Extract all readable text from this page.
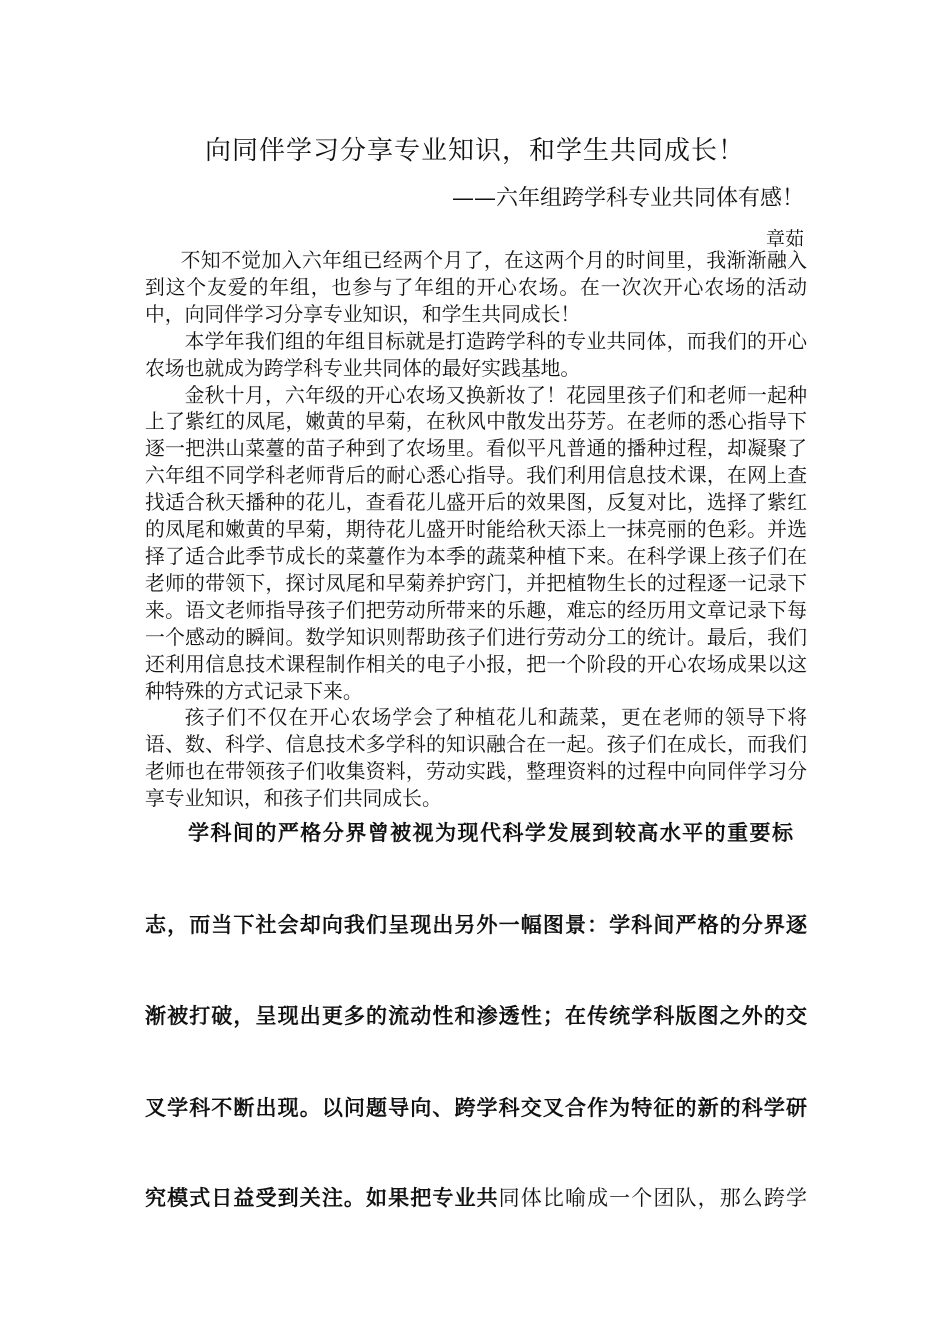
向同伴学习分享专业知识，和学生共同成长！
——六年组跨学科专业共同体有感！
章茹

不知不觉加入六年组已经两个月了，在这两个月的时间里，我渐渐融入到这个友爱的年组，也参与了年组的开心农场。在一次次开心农场的活动中，向同伴学习分享专业知识，和学生共同成长！

本学年我们组的年组目标就是打造跨学科的专业共同体，而我们的开心农场也就成为跨学科专业共同体的最好实践基地。

金秋十月，六年级的开心农场又换新妆了！花园里孩子们和老师一起种上了紫红的凤尾，嫩黄的早菊，在秋风中散发出芬芳。在老师的悉心指导下逐一把洪山菜薹的苗子种到了农场里。看似平凡普通的播种过程，却凝聚了六年组不同学科老师背后的耐心悉心指导。我们利用信息技术课，在网上查找适合秋天播种的花儿，查看花儿盛开后的效果图，反复对比，选择了紫红的凤尾和嫩黄的早菊，期待花儿盛开时能给秋天添上一抹亮丽的色彩。并选择了适合此季节成长的菜薹作为本季的蔬菜种植下来。在科学课上孩子们在老师的带领下，探讨凤尾和早菊养护窍门，并把植物生长的过程逐一记录下来。语文老师指导孩子们把劳动所带来的乐趣，难忘的经历用文章记录下每一个感动的瞬间。数学知识则帮助孩子们进行劳动分工的统计。最后，我们还利用信息技术课程制作相关的电子小报，把一个阶段的开心农场成果以这种特殊的方式记录下来。

孩子们不仅在开心农场学会了种植花儿和蔬菜，更在老师的领导下将语、数、科学、信息技术多学科的知识融合在一起。孩子们在成长，而我们老师也在带领孩子们收集资料，劳动实践，整理资料的过程中向同伴学习分享专业知识，和孩子们共同成长。

学科间的严格分界曾被视为现代科学发展到较高水平的重要标
志，而当下社会却向我们呈现出另外一幅图景：学科间严格的分界逐
渐被打破，呈现出更多的流动性和渗透性；在传统学科版图之外的交
叉学科不断出现。以问题导向、跨学科交叉合作为特征的新的科学研
究模式日益受到关注。如果把专业共同体比喻成一个团队，那么跨学
